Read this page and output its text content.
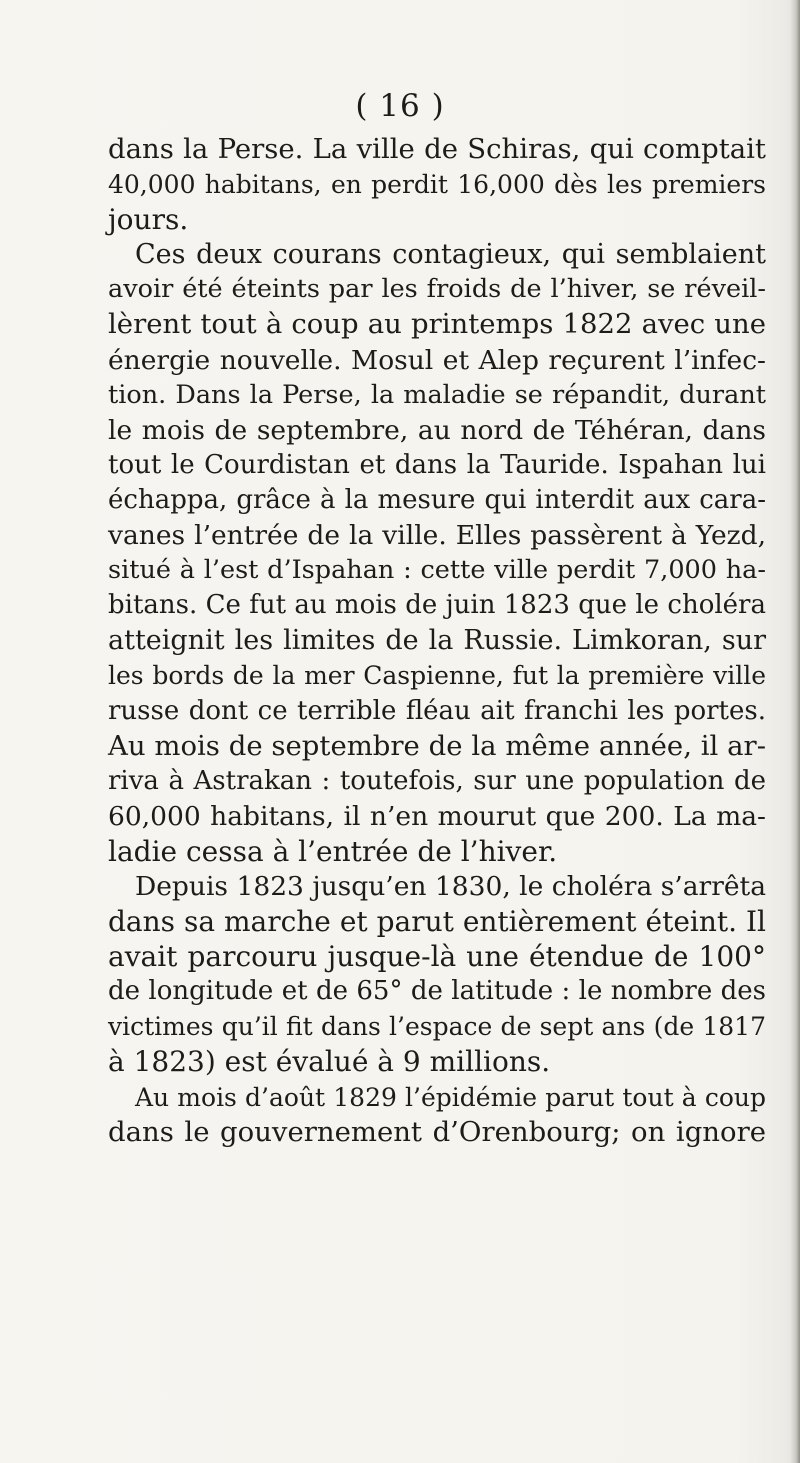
( 16 )
dans la Perse. La ville de Schiras, qui comptait
40,000 habitans, en perdit 16,000 dès les premiers
jours.
Ces deux courans contagieux, qui semblaient
avoir été éteints par les froids de l’hiver, se réveil-
lèrent tout à coup au printemps 1822 avec une
énergie nouvelle. Mosul et Alep reçurent l’infec-
tion. Dans la Perse, la maladie se répandit, durant
le mois de septembre, au nord de Téhéran, dans
tout le Courdistan et dans la Tauride. Ispahan lui
échappa, grâce à la mesure qui interdit aux cara-
vanes l’entrée de la ville. Elles passèrent à Yezd,
situé à l’est d’Ispahan : cette ville perdit 7,000 ha-
bitans. Ce fut au mois de juin 1823 que le choléra
atteignit les limites de la Russie. Limkoran, sur
les bords de la mer Caspienne, fut la première ville
russe dont ce terrible fléau ait franchi les portes.
Au mois de septembre de la même année, il ar-
riva à Astrakan : toutefois, sur une population de
60,000 habitans, il n’en mourut que 200. La ma-
ladie cessa à l’entrée de l’hiver.
Depuis 1823 jusqu’en 1830, le choléra s’arrêta
dans sa marche et parut entièrement éteint. Il
avait parcouru jusque-là une étendue de 100°
de longitude et de 65° de latitude : le nombre des
victimes qu’il fit dans l’espace de sept ans (de 1817
à 1823) est évalué à 9 millions.
Au mois d’août 1829 l’épidémie parut tout à coup
dans le gouvernement d’Orenbourg; on ignore
